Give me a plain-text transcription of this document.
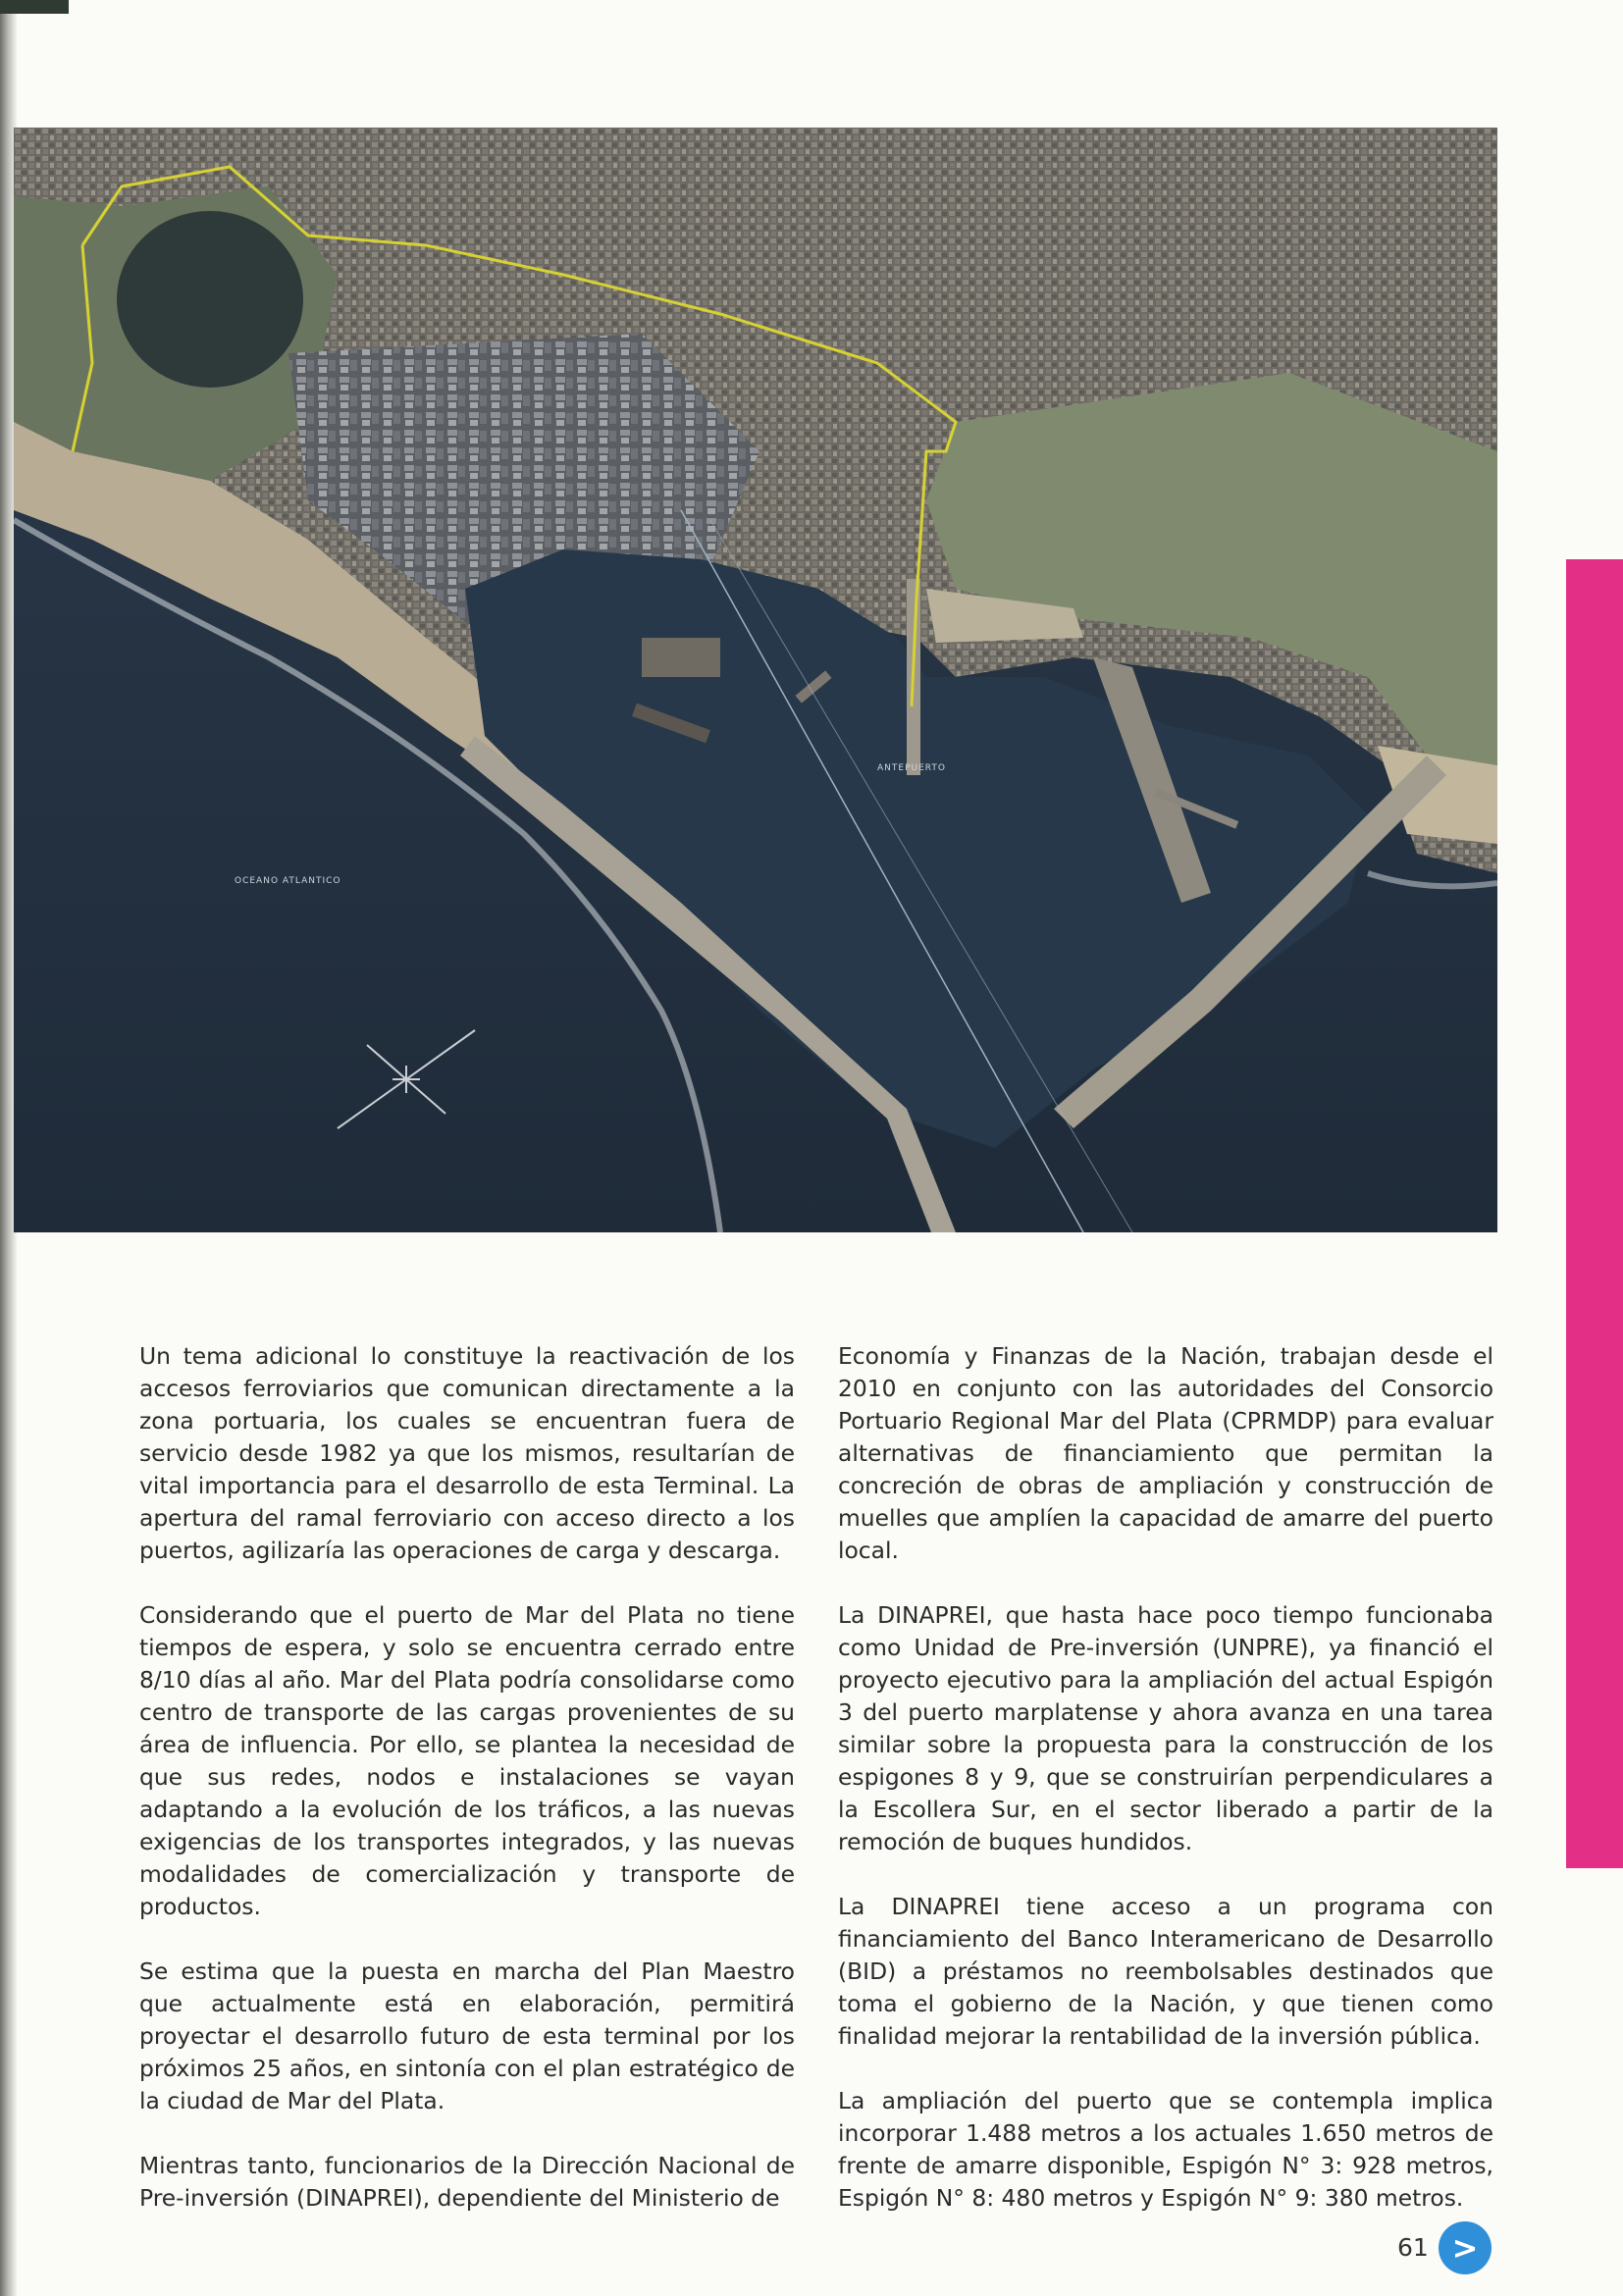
OCEANO ATLANTICO
ANTEPUERTO

Un tema adicional lo constituye la reactivación de los accesos ferroviarios que comunican directamente a la zona portuaria, los cuales se encuentran fuera de servicio desde 1982 ya que los mismos, resultarían de vital importancia para el desarrollo de esta Terminal. La apertura del ramal ferroviario con acceso directo a los puertos, agilizaría las operaciones de carga y descarga.

Considerando que el puerto de Mar del Plata no tiene tiempos de espera, y solo se encuentra cerrado entre 8/10 días al año. Mar del Plata podría consolidarse como centro de transporte de las cargas provenientes de su área de influencia. Por ello, se plantea la necesidad de que sus redes, nodos e instalaciones se vayan adaptando a la evolución de los tráficos, a las nuevas exigencias de los transportes integrados, y las nuevas modalidades de comercialización y transporte de productos.

Se estima que la puesta en marcha del Plan Maestro que actualmente está en elaboración, permitirá proyectar el desarrollo futuro de esta terminal por los próximos 25 años, en sintonía con el plan estratégico de la ciudad de Mar del Plata.

Mientras tanto, funcionarios de la Dirección Nacional de Pre-inversión (DINAPREI), dependiente del Ministerio de

Economía y Finanzas de la Nación, trabajan desde el 2010 en conjunto con las autoridades del Consorcio Portuario Regional Mar del Plata (CPRMDP) para evaluar alternativas de financiamiento que permitan la concreción de obras de ampliación y construcción de muelles que amplíen la capacidad de amarre del puerto local.

La DINAPREI, que hasta hace poco tiempo funcionaba como Unidad de Pre-inversión (UNPRE), ya financió el proyecto ejecutivo para la ampliación del actual Espigón 3 del puerto marplatense y ahora avanza en una tarea similar sobre la propuesta para la construcción de los espigones 8 y 9, que se construirían perpendiculares a la Escollera Sur, en el sector liberado a partir de la remoción de buques hundidos.

La DINAPREI tiene acceso a un programa con financiamiento del Banco Interamericano de Desarrollo (BID) a préstamos no reembolsables destinados que toma el gobierno de la Nación, y que tienen como finalidad mejorar la rentabilidad de la inversión pública.

La ampliación del puerto que se contempla implica incorporar 1.488 metros a los actuales 1.650 metros de frente de amarre disponible, Espigón N° 3: 928 metros, Espigón N° 8: 480 metros y Espigón N° 9: 380 metros.

61 >
